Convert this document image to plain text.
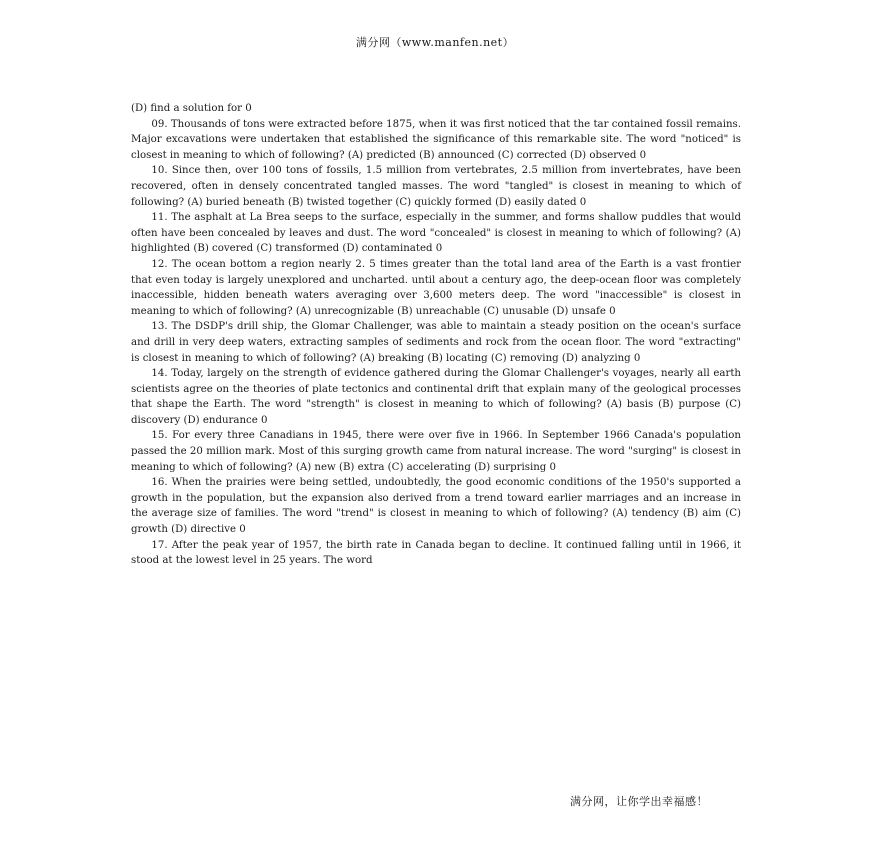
满分网（www.manfen.net）

(D) find a solution for 0

09. Thousands of tons were extracted before 1875, when it was first noticed that the tar contained fossil remains. Major excavations were undertaken that established the significance of this remarkable site. The word "noticed" is closest in meaning to which of following? (A) predicted (B) announced (C) corrected (D) observed 0

10. Since then, over 100 tons of fossils, 1.5 million from vertebrates, 2.5 million from invertebrates, have been recovered, often in densely concentrated tangled masses. The word "tangled" is closest in meaning to which of following? (A) buried beneath (B) twisted together (C) quickly formed (D) easily dated 0

11. The asphalt at La Brea seeps to the surface, especially in the summer, and forms shallow puddles that would often have been concealed by leaves and dust. The word "concealed" is closest in meaning to which of following? (A) highlighted (B) covered (C) transformed (D) contaminated 0

12. The ocean bottom a region nearly 2. 5 times greater than the total land area of the Earth is a vast frontier that even today is largely unexplored and uncharted. until about a century ago, the deep-ocean floor was completely inaccessible, hidden beneath waters averaging over 3,600 meters deep. The word "inaccessible" is closest in meaning to which of following? (A) unrecognizable (B) unreachable (C) unusable (D) unsafe 0

13. The DSDP's drill ship, the Glomar Challenger, was able to maintain a steady position on the ocean's surface and drill in very deep waters, extracting samples of sediments and rock from the ocean floor. The word "extracting" is closest in meaning to which of following? (A) breaking (B) locating (C) removing (D) analyzing 0

14. Today, largely on the strength of evidence gathered during the Glomar Challenger's voyages, nearly all earth scientists agree on the theories of plate tectonics and continental drift that explain many of the geological processes that shape the Earth. The word "strength" is closest in meaning to which of following? (A) basis (B) purpose (C) discovery (D) endurance 0

15. For every three Canadians in 1945, there were over five in 1966. In September 1966 Canada's population passed the 20 million mark. Most of this surging growth came from natural increase. The word "surging" is closest in meaning to which of following? (A) new (B) extra (C) accelerating (D) surprising 0

16. When the prairies were being settled, undoubtedly, the good economic conditions of the 1950's supported a growth in the population, but the expansion also derived from a trend toward earlier marriages and an increase in the average size of families. The word "trend" is closest in meaning to which of following? (A) tendency (B) aim (C) growth (D) directive 0

17. After the peak year of 1957, the birth rate in Canada began to decline. It continued falling until in 1966, it stood at the lowest level in 25 years. The word

满分网，让你学出幸福感！
